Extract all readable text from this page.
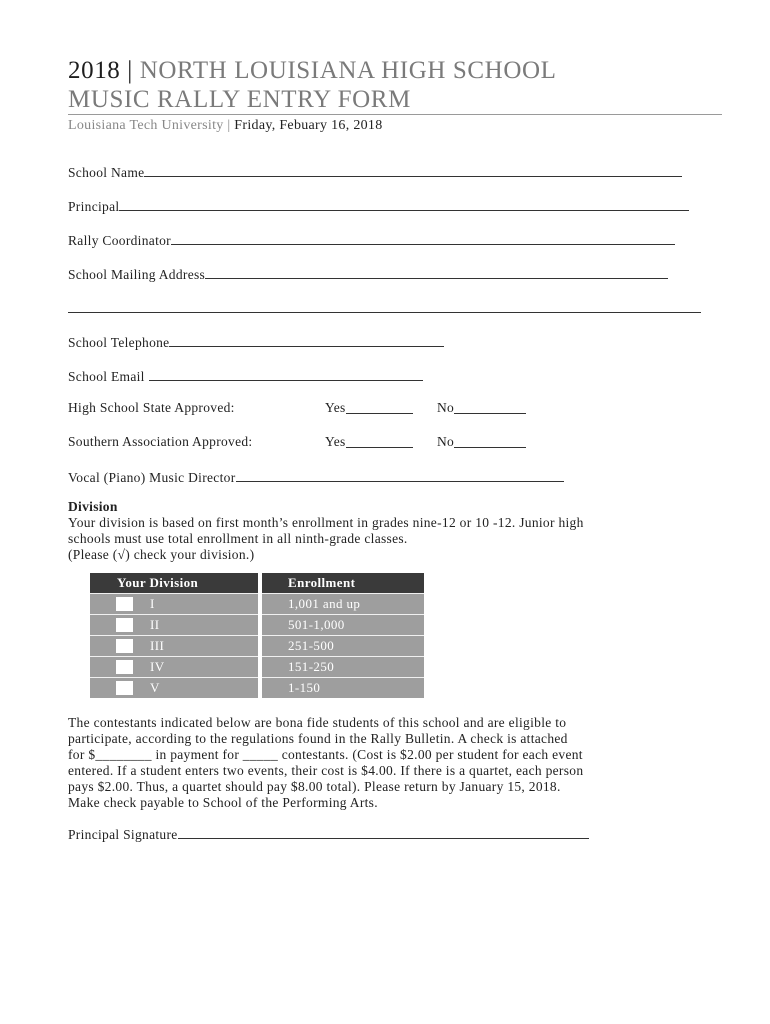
2018 | NORTH LOUISIANA HIGH SCHOOL
MUSIC RALLY ENTRY FORM
Louisiana Tech University | Friday, Febuary 16, 2018
School Name
Principal
Rally Coordinator
School Mailing Address
School Telephone
School Email
High School State Approved:	Yes	No
Southern Association Approved:	Yes	No
Vocal (Piano) Music Director
Division
Your division is based on first month’s enrollment in grades nine-12 or 10 -12. Junior high
schools must use total enrollment in all ninth-grade classes.
(Please (√) check your division.)
Your Division		Enrollment

I		1,001 and up

II		501-1,000

III		251-500

IV		151-250

V		1-150
The contestants indicated below are bona fide students of this school and are eligible to
participate, according to the regulations found in the Rally Bulletin. A check is attached
for $________ in payment for _____ contestants. (Cost is $2.00 per student for each event
entered. If a student enters two events, their cost is $4.00. If there is a quartet, each person
pays $2.00. Thus, a quartet should pay $8.00 total). Please return by January 15, 2018.
Make check payable to School of the Performing Arts.
Principal Signature
